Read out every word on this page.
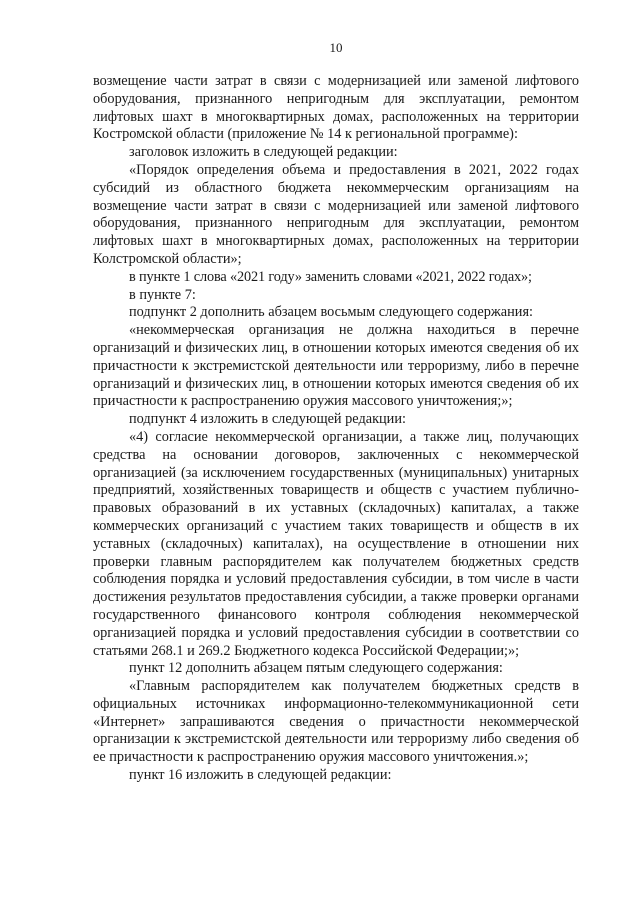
10

возмещение части затрат в связи с модернизацией или заменой лифтового оборудования, признанного непригодным для эксплуатации, ремонтом лифтовых шахт в многоквартирных домах, расположенных на территории Костромской области (приложение № 14 к региональной программе):

заголовок изложить в следующей редакции:

«Порядок определения объема и предоставления в 2021, 2022 годах субсидий из областного бюджета некоммерческим организациям на возмещение части затрат в связи с модернизацией или заменой лифтового оборудования, признанного непригодным для эксплуатации, ремонтом лифтовых шахт в многоквартирных домах, расположенных на территории Колстромской области»;

в пункте 1 слова «2021 году» заменить словами «2021, 2022 годах»;

в пункте 7:

подпункт 2 дополнить абзацем восьмым следующего содержания:

«некоммерческая организация не должна находиться в перечне организаций и физических лиц, в отношении которых имеются сведения об их причастности к экстремистской деятельности или терроризму, либо в перечне организаций и физических лиц, в отношении которых имеются сведения об их причастности к распространению оружия массового уничтожения;»;

подпункт 4 изложить в следующей редакции:

«4) согласие некоммерческой организации, а также лиц, получающих средства на основании договоров, заключенных с некоммерческой организацией (за исключением государственных (муниципальных) унитарных предприятий, хозяйственных товариществ и обществ с участием публично-правовых образований в их уставных (складочных) капиталах, а также коммерческих организаций с участием таких товариществ и обществ в их уставных (складочных) капиталах), на осуществление в отношении них проверки главным распорядителем как получателем бюджетных средств соблюдения порядка и условий предоставления субсидии, в том числе в части достижения результатов предоставления субсидии, а также проверки органами государственного финансового контроля соблюдения некоммерческой организацией порядка и условий предоставления субсидии в соответствии со статьями 268.1 и 269.2 Бюджетного кодекса Российской Федерации;»;

пункт 12 дополнить абзацем пятым следующего содержания:

«Главным распорядителем как получателем бюджетных средств в официальных источниках информационно-телекоммуникационной сети «Интернет» запрашиваются сведения о причастности некоммерческой организации к экстремистской деятельности или терроризму либо сведения об ее причастности к распространению оружия массового уничтожения.»;

пункт 16 изложить в следующей редакции:
